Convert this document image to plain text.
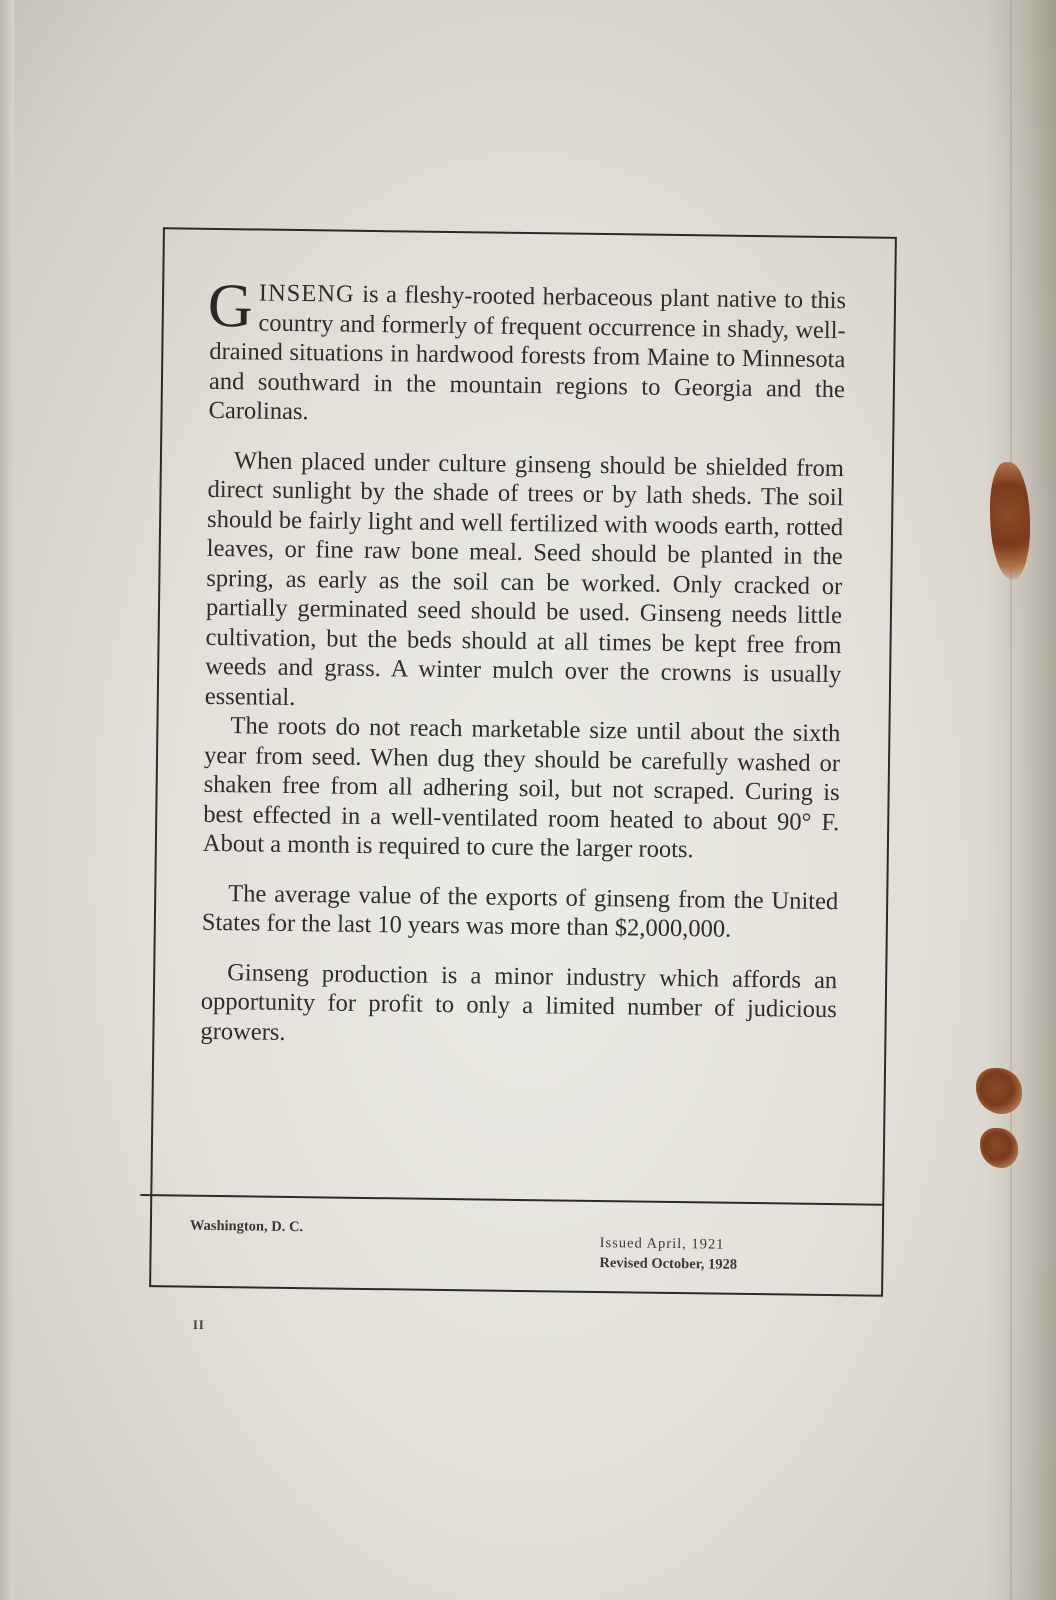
GINSENG is a fleshy-rooted herbaceous plant native to this country and formerly of frequent occurrence in shady, well-drained situations in hardwood forests from Maine to Minnesota and southward in the mountain regions to Georgia and the Carolinas.

When placed under culture ginseng should be shielded from direct sunlight by the shade of trees or by lath sheds. The soil should be fairly light and well fertilized with woods earth, rotted leaves, or fine raw bone meal. Seed should be planted in the spring, as early as the soil can be worked. Only cracked or partially germinated seed should be used. Ginseng needs little cultivation, but the beds should at all times be kept free from weeds and grass. A winter mulch over the crowns is usually essential.

The roots do not reach marketable size until about the sixth year from seed. When dug they should be carefully washed or shaken free from all adhering soil, but not scraped. Curing is best effected in a well-ventilated room heated to about 90° F. About a month is required to cure the larger roots.

The average value of the exports of ginseng from the United States for the last 10 years was more than $2,000,000.

Ginseng production is a minor industry which affords an opportunity for profit to only a limited number of judicious growers.

Washington, D. C.
Issued April, 1921
Revised October, 1928
II
